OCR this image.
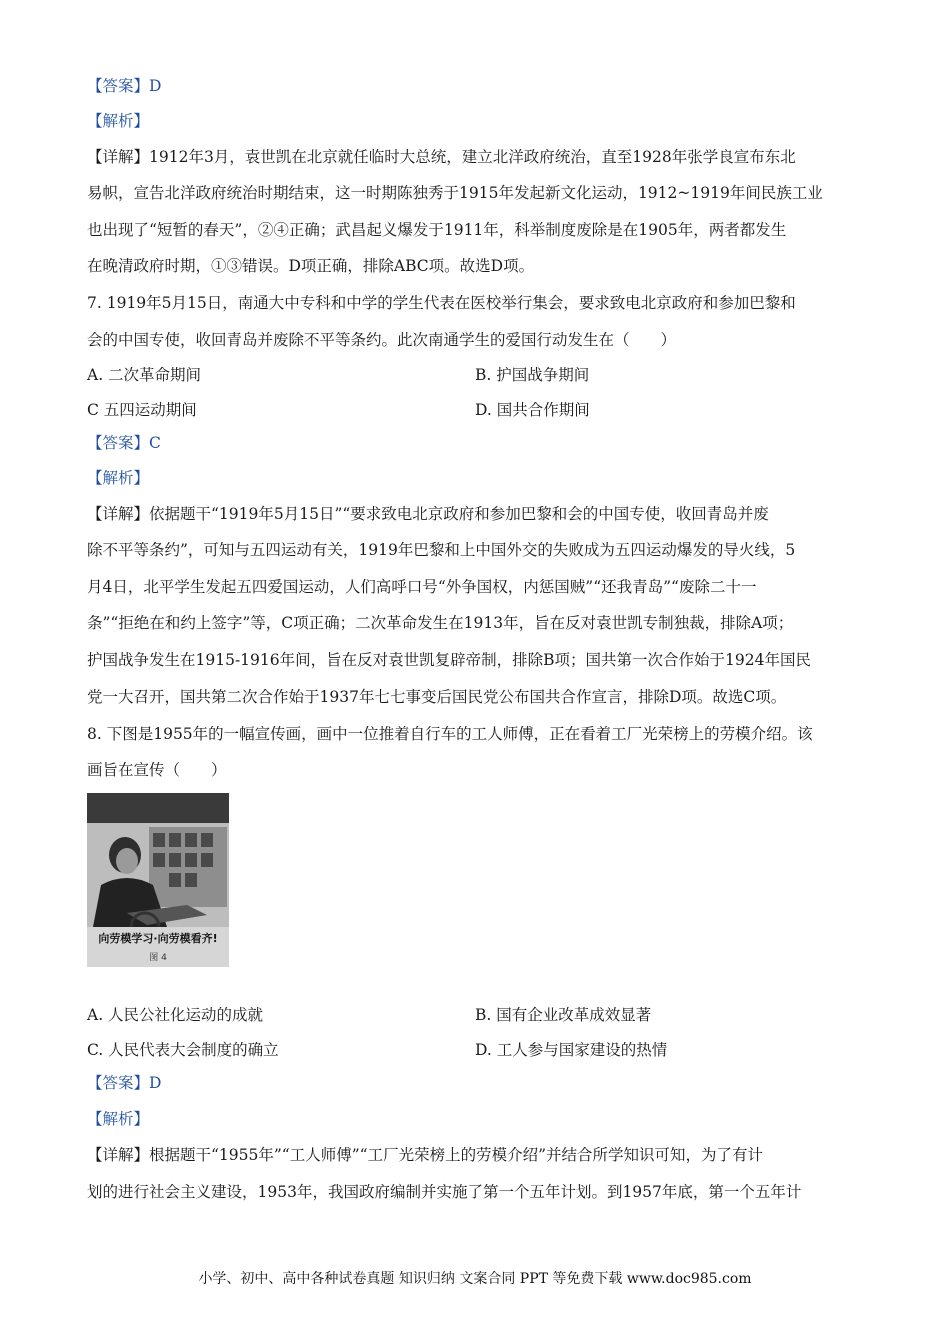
【答案】D
【解析】
【详解】1912年3月，袁世凯在北京就任临时大总统，建立北洋政府统治，直至1928年张学良宣布东北
易帜，宣告北洋政府统治时期结束，这一时期陈独秀于1915年发起新文化运动，1912~1919年间民族工业
也出现了“短暂的春天”，②④正确；武昌起义爆发于1911年，科举制度废除是在1905年，两者都发生
在晚清政府时期，①③错误。D项正确，排除ABC项。故选D项。
7. 1919年5月15日，南通大中专科和中学的学生代表在医校举行集会，要求致电北京政府和参加巴黎和
会的中国专使，收回青岛并废除不平等条约。此次南通学生的爱国行动发生在（　　）
A. 二次革命期间	B. 护国战争期间
C 五四运动期间	D. 国共合作期间
【答案】C
【解析】
【详解】依据题干“1919年5月15日”“要求致电北京政府和参加巴黎和会的中国专使，收回青岛并废
除不平等条约”，可知与五四运动有关，1919年巴黎和上中国外交的失败成为五四运动爆发的导火线，5
月4日，北平学生发起五四爱国运动，人们高呼口号“外争国权，内惩国贼”“还我青岛”“废除二十一
条”“拒绝在和约上签字”等，C项正确；二次革命发生在1913年，旨在反对袁世凯专制独裁，排除A项；
护国战争发生在1915-1916年间，旨在反对袁世凯复辟帝制，排除B项；国共第一次合作始于1924年国民
党一大召开，国共第二次合作始于1937年七七事变后国民党公布国共合作宣言，排除D项。故选C项。
8. 下图是1955年的一幅宣传画，画中一位推着自行车的工人师傅，正在看着工厂光荣榜上的劳模介绍。该
画旨在宣传（　　）
向劳模学习·向劳模看齐!
图 4
A. 人民公社化运动的成就	B. 国有企业改革成效显著
C. 人民代表大会制度的确立	D. 工人参与国家建设的热情
【答案】D
【解析】
【详解】根据题干“1955年”“工人师傅”“工厂光荣榜上的劳模介绍”并结合所学知识可知，为了有计
划的进行社会主义建设，1953年，我国政府编制并实施了第一个五年计划。到1957年底，第一个五年计
小学、初中、高中各种试卷真题 知识归纳 文案合同 PPT 等免费下载 www.doc985.com
